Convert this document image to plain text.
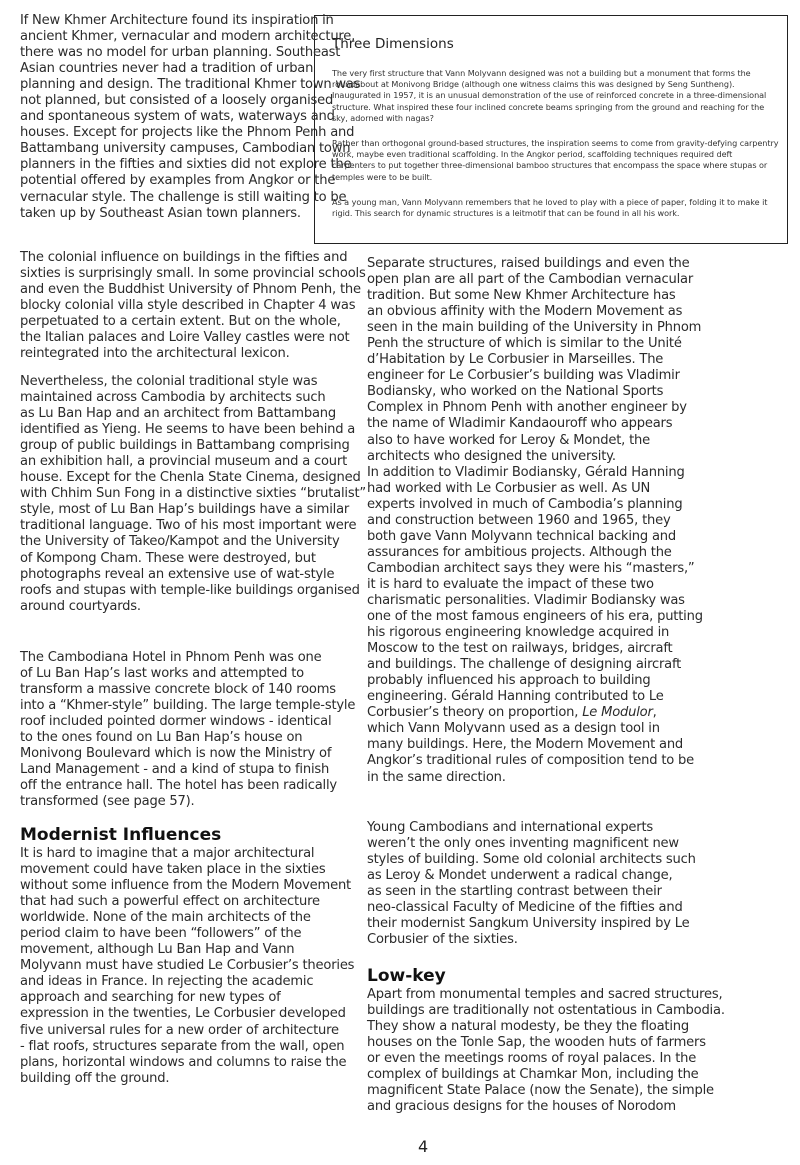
Three Dimensions

The very first structure that Vann Molyvann designed was not a building but a monument that forms the
roundabout at Monivong Bridge (although one witness claims this was designed by Seng Suntheng).
Inaugurated in 1957, it is an unusual demonstration of the use of reinforced concrete in a three-dimensional
structure. What inspired these four inclined concrete beams springing from the ground and reaching for the
sky, adorned with nagas?

Rather than orthogonal ground-based structures, the inspiration seems to come from gravity-defying carpentry
work, maybe even traditional scaffolding. In the Angkor period, scaffolding techniques required deft
carpenters to put together three-dimensional bamboo structures that encompass the space where stupas or
temples were to be built.

As a young man, Vann Molyvann remembers that he loved to play with a piece of paper, folding it to make it
rigid. This search for dynamic structures is a leitmotif that can be found in all his work.

If New Khmer Architecture found its inspiration in
ancient Khmer, vernacular and modern architecture,
there was no model for urban planning. Southeast
Asian countries never had a tradition of urban
planning and design. The traditional Khmer town was
not planned, but consisted of a loosely organised
and spontaneous system of wats, waterways and
houses. Except for projects like the Phnom Penh and
Battambang university campuses, Cambodian town
planners in the fifties and sixties did not explore the
potential offered by examples from Angkor or the
vernacular style. The challenge is still waiting to be
taken up by Southeast Asian town planners.
The colonial influence on buildings in the fifties and
sixties is surprisingly small. In some provincial schools
and even the Buddhist University of Phnom Penh, the
blocky colonial villa style described in Chapter 4 was
perpetuated to a certain extent. But on the whole,
the Italian palaces and Loire Valley castles were not
reintegrated into the architectural lexicon.
Nevertheless, the colonial traditional style was
maintained across Cambodia by architects such
as Lu Ban Hap and an architect from Battambang
identified as Yieng. He seems to have been behind a
group of public buildings in Battambang comprising
an exhibition hall, a provincial museum and a court
house. Except for the Chenla State Cinema, designed
with Chhim Sun Fong in a distinctive sixties “brutalist”
style, most of Lu Ban Hap’s buildings have a similar
traditional language. Two of his most important were
the University of Takeo/Kampot and the University
of Kompong Cham. These were destroyed, but
photographs reveal an extensive use of wat-style
roofs and stupas with temple-like buildings organised
around courtyards.
The Cambodiana Hotel in Phnom Penh was one
of Lu Ban Hap’s last works and attempted to
transform a massive concrete block of 140 rooms
into a “Khmer-style” building. The large temple-style
roof included pointed dormer windows - identical
to the ones found on Lu Ban Hap’s house on
Monivong Boulevard which is now the Ministry of
Land Management - and a kind of stupa to finish
off the entrance hall. The hotel has been radically
transformed (see page 57).
Modernist Influences
It is hard to imagine that a major architectural
movement could have taken place in the sixties
without some influence from the Modern Movement
that had such a powerful effect on architecture
worldwide. None of the main architects of the
period claim to have been “followers” of the
movement, although Lu Ban Hap and Vann
Molyvann must have studied Le Corbusier’s theories
and ideas in France. In rejecting the academic
approach and searching for new types of
expression in the twenties, Le Corbusier developed
five universal rules for a new order of architecture
- flat roofs, structures separate from the wall, open
plans, horizontal windows and columns to raise the
building off the ground.
Separate structures, raised buildings and even the
open plan are all part of the Cambodian vernacular
tradition. But some New Khmer Architecture has
an obvious affinity with the Modern Movement as
seen in the main building of the University in Phnom
Penh the structure of which is similar to the Unité
d’Habitation by Le Corbusier in Marseilles. The
engineer for Le Corbusier’s building was Vladimir
Bodiansky, who worked on the National Sports
Complex in Phnom Penh with another engineer by
the name of Wladimir Kandaouroff who appears
also to have worked for Leroy & Mondet, the
architects who designed the university.
In addition to Vladimir Bodiansky, Gérald Hanning
had worked with Le Corbusier as well. As UN
experts involved in much of Cambodia’s planning
and construction between 1960 and 1965, they
both gave Vann Molyvann technical backing and
assurances for ambitious projects. Although the
Cambodian architect says they were his “masters,”
it is hard to evaluate the impact of these two
charismatic personalities. Vladimir Bodiansky was
one of the most famous engineers of his era, putting
his rigorous engineering knowledge acquired in
Moscow to the test on railways, bridges, aircraft
and buildings. The challenge of designing aircraft
probably influenced his approach to building
engineering. Gérald Hanning contributed to Le
Corbusier’s theory on proportion, Le Modulor,
which Vann Molyvann used as a design tool in
many buildings. Here, the Modern Movement and
Angkor’s traditional rules of composition tend to be
in the same direction.
Young Cambodians and international experts
weren’t the only ones inventing magnificent new
styles of building. Some old colonial architects such
as Leroy & Mondet underwent a radical change,
as seen in the startling contrast between their
neo-classical Faculty of Medicine of the fifties and
their modernist Sangkum University inspired by Le
Corbusier of the sixties.
Low-key
Apart from monumental temples and sacred structures,
buildings are traditionally not ostentatious in Cambodia.
They show a natural modesty, be they the floating
houses on the Tonle Sap, the wooden huts of farmers
or even the meetings rooms of royal palaces. In the
complex of buildings at Chamkar Mon, including the
magnificent State Palace (now the Senate), the simple
and gracious designs for the houses of Norodom

4
